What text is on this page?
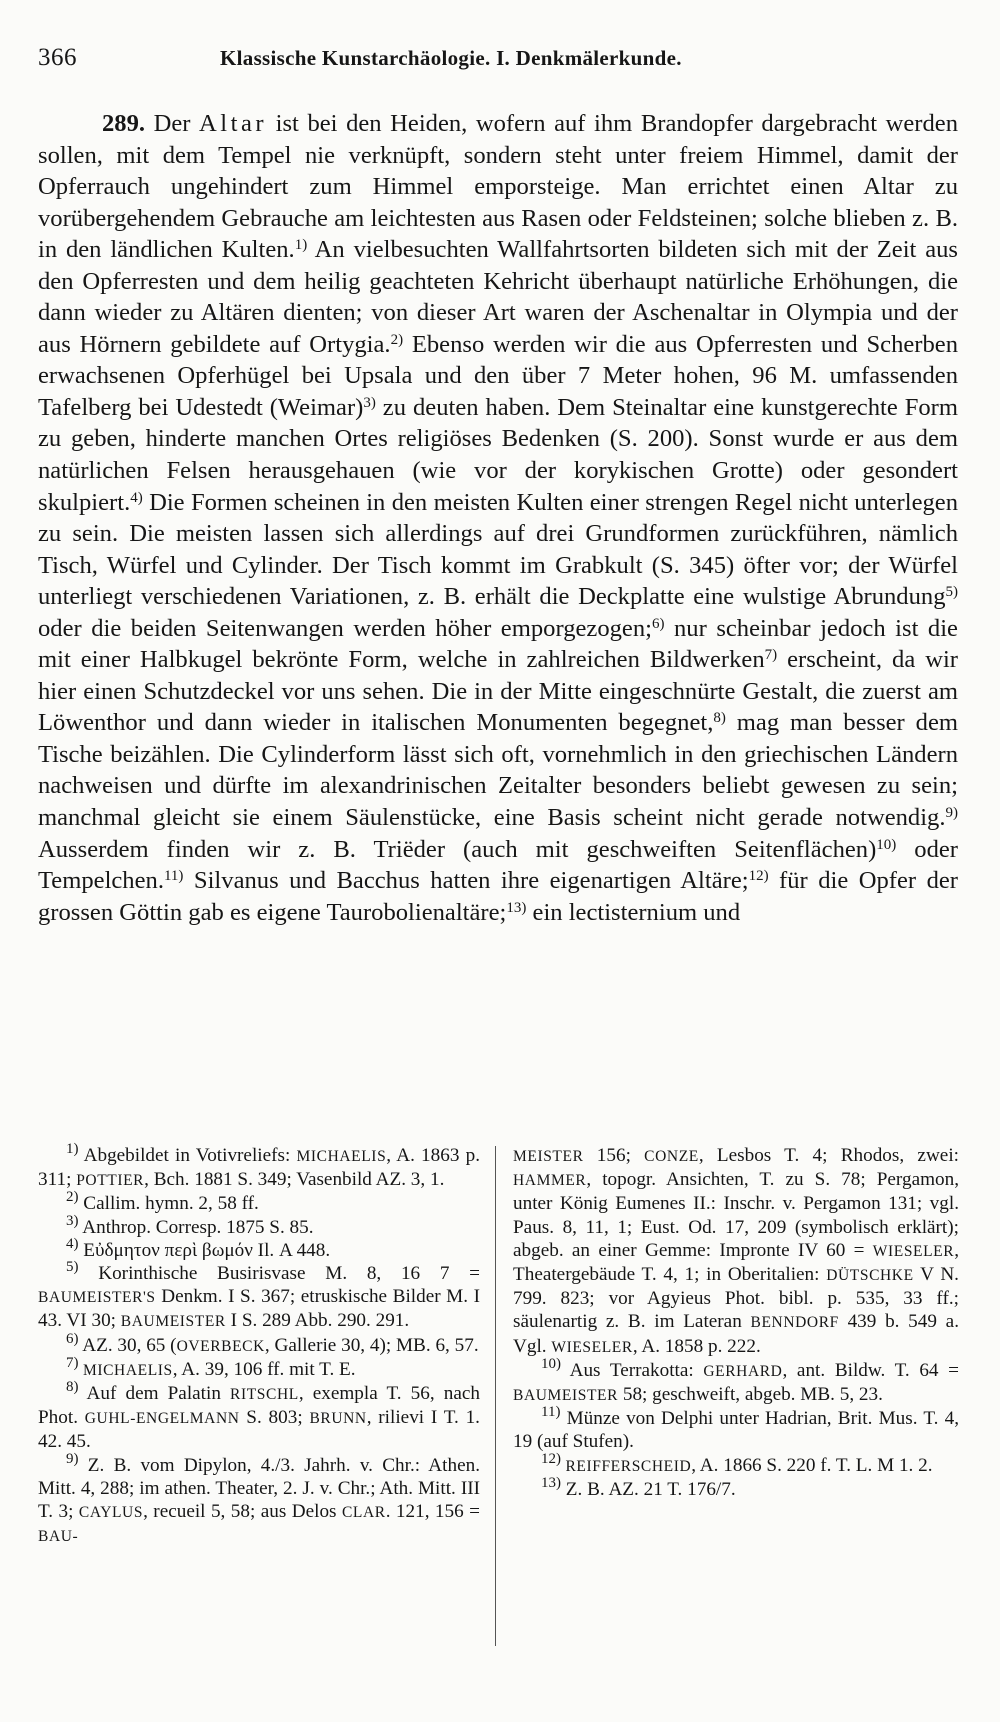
366	Klassische Kunstarchäologie. I. Denkmälerkunde.

289. Der Altar ist bei den Heiden, wofern auf ihm Brandopfer dargebracht werden sollen, mit dem Tempel nie verknüpft, sondern steht unter freiem Himmel, damit der Opferrauch ungehindert zum Himmel emporsteige. Man errichtet einen Altar zu vorübergehendem Gebrauche am leichtesten aus Rasen oder Feldsteinen; solche blieben z. B. in den ländlichen Kulten.$^{1)}$ An vielbesuchten Wallfahrtsorten bildeten sich mit der Zeit aus den Opferresten und dem heilig geachteten Kehricht überhaupt natürliche Erhöhungen, die dann wieder zu Altären dienten; von dieser Art waren der Aschenaltar in Olympia und der aus Hörnern gebildete auf Ortygia.$^{2)}$ Ebenso werden wir die aus Opferresten und Scherben erwachsenen Opferhügel bei Upsala und den über 7 Meter hohen, 96 M. umfassenden Tafelberg bei Udestedt (Weimar)$^{3)}$ zu deuten haben. Dem Steinaltar eine kunstgerechte Form zu geben, hinderte manchen Ortes religiöses Bedenken (S. 200). Sonst wurde er aus dem natürlichen Felsen herausgehauen (wie vor der korykischen Grotte) oder gesondert skulpiert.$^{4)}$ Die Formen scheinen in den meisten Kulten einer strengen Regel nicht unterlegen zu sein. Die meisten lassen sich allerdings auf drei Grundformen zurückführen, nämlich Tisch, Würfel und Cylinder. Der Tisch kommt im Grabkult (S. 345) öfter vor; der Würfel unterliegt verschiedenen Variationen, z. B. erhält die Deckplatte eine wulstige Abrundung$^{5)}$ oder die beiden Seitenwangen werden höher emporgezogen;$^{6)}$ nur scheinbar jedoch ist die mit einer Halbkugel bekrönte Form, welche in zahlreichen Bildwerken$^{7)}$ erscheint, da wir hier einen Schutzdeckel vor uns sehen. Die in der Mitte eingeschnürte Gestalt, die zuerst am Löwenthor und dann wieder in italischen Monumenten begegnet,$^{8)}$ mag man besser dem Tische beizählen. Die Cylinderform lässt sich oft, vornehmlich in den griechischen Ländern nachweisen und dürfte im alexandrinischen Zeitalter besonders beliebt gewesen zu sein; manchmal gleicht sie einem Säulenstücke, eine Basis scheint nicht gerade notwendig.$^{9)}$ Ausserdem finden wir z. B. Triëder (auch mit geschweiften Seitenflächen)$^{10)}$ oder Tempelchen.$^{11)}$ Silvanus und Bacchus hatten ihre eigenartigen Altäre;$^{12)}$ für die Opfer der grossen Göttin gab es eigene Taurobolienaltäre;$^{13)}$ ein lectisternium und

$^{1)}$ Abgebildet in Votivreliefs: MICHAELIS, A. 1863 p. 311; POTTIER, Bch. 1881 S. 349; Vasenbild AZ. 3, 1.

$^{2)}$ Callim. hymn. 2, 58 ff.

$^{3)}$ Anthrop. Corresp. 1875 S. 85.

$^{4)}$ Εὐδμητον περὶ βωμόν Il. Α 448.

$^{5)}$ Korinthische Busirisvase M. 8, 16 7 = BAUMEISTER'S Denkm. I S. 367; etruskische Bilder M. I 43. VI 30; BAUMEISTER I S. 289 Abb. 290. 291.

$^{6)}$ AZ. 30, 65 (OVERBECK, Gallerie 30, 4); MB. 6, 57.

$^{7)}$ MICHAELIS, A. 39, 106 ff. mit T. E.

$^{8)}$ Auf dem Palatin RITSCHL, exempla T. 56, nach Phot. GUHL-ENGELMANN S. 803; BRUNN, rilievi I T. 1. 42. 45.

$^{9)}$ Z. B. vom Dipylon, 4./3. Jahrh. v. Chr.: Athen. Mitt. 4, 288; im athen. Theater, 2. J. v. Chr.; Ath. Mitt. III T. 3; CAYLUS, recueil 5, 58; aus Delos CLAR. 121, 156 = BAU-

MEISTER 156; CONZE, Lesbos T. 4; Rhodos, zwei: HAMMER, topogr. Ansichten, T. zu S. 78; Pergamon, unter König Eumenes II.: Inschr. v. Pergamon 131; vgl. Paus. 8, 11, 1; Eust. Od. 17, 209 (symbolisch erklärt); abgeb. an einer Gemme: Impronte IV 60 = WIESELER, Theatergebäude T. 4, 1; in Oberitalien: DÜTSCHKE V N. 799. 823; vor Agyieus Phot. bibl. p. 535, 33 ff.; säulenartig z. B. im Lateran BENNDORF 439 b. 549 a. Vgl. WIESELER, A. 1858 p. 222.

$^{10)}$ Aus Terrakotta: GERHARD, ant. Bildw. T. 64 = BAUMEISTER 58; geschweift, abgeb. MB. 5, 23.

$^{11)}$ Münze von Delphi unter Hadrian, Brit. Mus. T. 4, 19 (auf Stufen).

$^{12)}$ REIFFERSCHEID, A. 1866 S. 220 f. T. L. M 1. 2.

$^{13)}$ Z. B. AZ. 21 T. 176/7.
